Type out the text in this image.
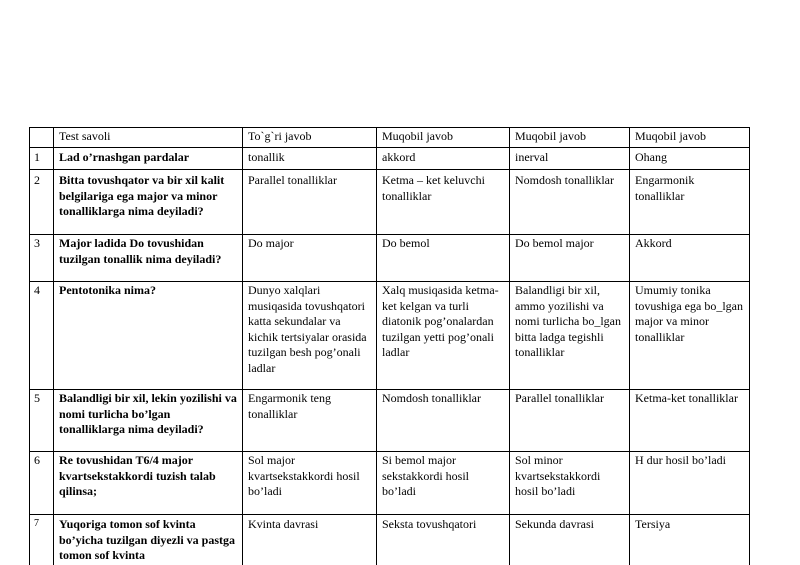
	Test savoli	To`g`ri javob	Muqobil javob	Muqobil javob	Muqobil javob
1	Lad o’rnashgan pardalar	tonallik	akkord	inerval	Ohang
2	Bitta tovushqator va bir xil kalit belgilariga ega major va minor tonalliklarga nima deyiladi?	Parallel tonalliklar	Ketma – ket keluvchi tonalliklar	Nomdosh tonalliklar	Engarmonik tonalliklar
3	Major ladida Do tovushidan tuzilgan tonallik nima deyiladi?	Do major	Do bemol	Do bemol major	Akkord
4	Pentotonika nima?	Dunyo xalqlari musiqasida tovushqatori katta sekundalar va kichik tertsiyalar orasida tuzilgan besh pog’onali ladlar	Xalq musiqasida ketma-ket kelgan va turli diatonik pog’onalardan tuzilgan yetti pog’onali ladlar	Balandligi bir xil, ammo yozilishi va nomi turlicha bo_lgan bitta ladga tegishli tonalliklar	Umumiy tonika tovushiga ega bo_lgan major va minor tonalliklar
5	Balandligi bir xil, lekin yozilishi va nomi turlicha bo’lgan tonalliklarga nima deyiladi?	Engarmonik teng tonalliklar	Nomdosh tonalliklar	Parallel tonalliklar	Ketma-ket tonalliklar
6	Re tovushidan T6/4 major kvartsekstakkordi tuzish talab qilinsa;	Sol major kvartsekstakkordi hosil bo’ladi	Si bemol major sekstakkordi hosil bo’ladi	Sol minor kvartsekstakkordi hosil bo’ladi	H dur hosil bo’ladi
7	Yuqoriga tomon sof kvinta bo’yicha tuzilgan diyezli va pastga tomon sof kvinta	Kvinta davrasi	Seksta tovushqatori	Sekunda davrasi	Tersiya
